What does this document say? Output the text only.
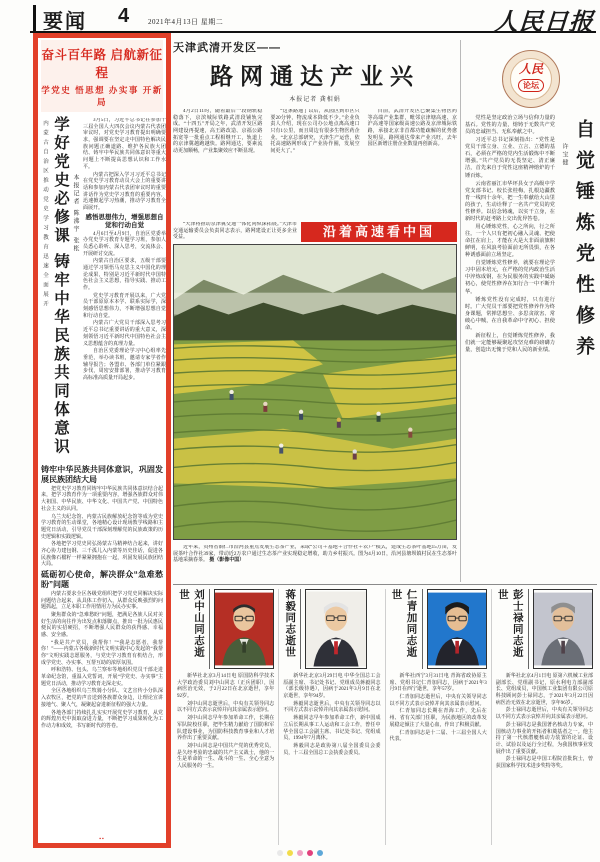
要闻 4	2021年4月13日 星期二	人民日报
奋斗百年路 启航新征程
学党史 悟思想 办实事 开新局
内蒙古自治区推动党史学习教育迅速全面展开 学好党史必修课 铸牢中华民族共同体意识 本报记者 陈沸宇 张枨

3月5日，习近平总书记在参加十三届全国人大四次会议内蒙古代表团审议时，对党史学习教育提出明确要求，强调要在坚定走中国特色解决民族问题正确道路、维护各民族大团结、铸牢中华民族共同体意识等重大问题上不断提高思想认识和工作水平。

内蒙古把深入学习习近平总书记在党史学习教育动员大会上的重要讲话和参加内蒙古代表团审议时的重要讲话作为党史学习教育的重要内容，迅速掀起学习热潮，推动学习教育全面展开。

感悟思想伟力，增强思想自觉和行动自觉

4月6日至4月9日，自治区党委举办党史学习教育专题学习班，参加人员悉心聆听、深入思考，交流体会、开展研讨交流。

内蒙古自治区要求，五级干部要通过学习领悟马克思主义中国化的理论成果，特别是习近平新时代中国特色社会主义思想，指导实践、推动工作。

党史学习教育开展以来，广大党员干部原原本本学、联系实际学，深刻感悟思想伟力，不断增强思想自觉和行动自觉。

内蒙古广大党员干部深入思考习近平总书记重要讲话的重大意义，深刻领悟习近平新时代中国特色社会主义思想蕴含的真理力量。

自治区党委理论学习中心组率先垂范，举办读书班，邀请专家学者作辅导报告；各盟市、各部门单位紧跟步伐，周密安排部署，推动学习教育高标准高质量开局起步。

铸牢中华民族共同体意识，巩固发展民族团结大局

把党史学习教育同铸牢中华民族共同体意识结合起来，把学习教育作为一项重要内容，增强各族群众对伟大祖国、中华民族、中华文化、中国共产党、中国特色社会主义的认同。

乌兰夫纪念馆、内蒙古民族解放纪念馆等成为党史学习教育的生动课堂，各地精心设计现场教学线路和主题党日活动，引导党员干部深刻理解党的民族政策的历史逻辑和实践逻辑。

各地把学习党史同弘扬蒙古马精神结合起来，讲好齐心协力建包钢、三千孤儿入内蒙等历史佳话，促进各民族像石榴籽一样紧紧拥抱在一起，巩固发展民族团结大局。

砥砺初心使命，解决群众“急难愁盼”问题

内蒙古要求全区各级党组织把学习党史同解决实际问题结合起来，从具体工作切入，从群众反映强烈的问题抓起，立足本职工作用情用力为民办实事。

聚焦群众的“急难愁盼”问题，把满足各族人民对美好生活的向往作为出发点和落脚点，推出一批为民惠民便民的实招硬招，不断增强人民群众的获得感、幸福感、安全感。

“我是共产党员，我帮你！”“我是志愿者，我帮你！”——内蒙古各级新时代文明实践中心发起的“我帮你”文明实践志愿服务，与党史学习教育有机结合，形成学党史、办实事、互帮互助的浓厚氛围。

呼和浩特、包头、乌兰察布等地组织党员干部走进革命纪念馆，重温入党誓词，开展“学党史、办实事”主题党日活动，推动学习教育走深走实。

全区各地组织乌兰牧骑小分队、文艺宣传小分队深入农牧区，把党的声音送到各族群众身边，让理论宣讲接地气、聚人气，凝聚起奋进新征程的强大力量。

各地各部门持续扎扎实实开展党史学习教育，从党的辉煌历史中汲取奋进力量，不断把学习成果转化为工作动力和成效，书写新时代的答卷。

▪▪
天津武清开发区——
路网通达产业兴
本报记者 龚相娟

4月2日11时，随着最后一段钢轨稳稳落下，京滨城际铁路武清段铺轨完成。“十四五”开局之年，武清开发区路网建设再提速，高王路改造、京福公路拓宽等一批重点工程相继开工，轨道上的京津冀越跑越快。路网通达，要素流动更加顺畅，产业集聚效应不断显现。

“这条路通了以后，从园区到市区只要20分钟，物流成本降低不少。”企业负责人介绍，现在公司办公地点离高速口只有1公里，而且周边有很多生物医药企业。“北京总部研究，天津生产运营，依托高速路网形成了产业协作圈，发展空间更大了。”

目前，武清开发区已聚集生物医药等高端产业集群，毗邻京津塘高速、京沪高速等国家级高速公路及京津城际铁路，承接北京非首都功能疏解的优势愈发明显。路网通达带来产业兴旺，去年园区新增注册企业数量再创新高。

“天津将推动京津冀交通一体化向纵深拓展。”天津市交通运输委员会负责同志表示，路网建设正让更多企业受益。	沿着高速看中国

近年来，贵州省铜仁市沿河县重点发展生态茶产业，采取“公司＋基地＋合作社＋农户”模式，建成生态茶叶基地15万亩，发展茶叶合作社39家，带动近2万农户通过生态茶产业实现稳定增收，助力乡村振兴。图为4月10日，沿河县塘坝镇村民在生态茶叶基地采摘春茶。 摄（影像中国）

人民
论坛
许宝健 自觉锤炼党性修养

党性是坚定政治立场与信仰力量的基石。党性的力量，熔铸于无数共产党员的忠诚担当、无私奉献之中。

习近平总书记深刻指出：“党性是党员干部立身、立业、立言、立德的基石，必须在严格的党内生活锻炼中不断增强。”共产党员的无畏坚定、清正廉洁，首先来自于党性这座精神熔炉的千锤百炼。

云南省丽江市华坪县女子高级中学党支部书记、校长张桂梅，扎根边疆教育一线四十余年，把一生奉献给大山里的孩子，生动诠释了一名共产党员的党性修养。以信念铸魂，以实干立身，在新时代的赶考路上交出优异答卷。

用心锤炼党性，心之所向，行之所往。一个人只有把初心融入灵魂、把使命扛在肩上，才能在大是大非面前旗帜鲜明，在风浪考验面前无所畏惧，在各种诱惑面前立场坚定。

自觉锤炼党性修养，就要在理论学习中固本培元，在严格的党内政治生活中淬炼成钢，在为民服务的实践中砥砺初心，使党性修养在知行合一中不断升华。

锤炼党性没有完成时，只有进行时。广大党员干部要把党性修养作为终身课题，常掸思想尘、多思贪欲害、常破心中贼，在自我革命中守初心、担使命。

新征程上，自觉锤炼党性修养，我们就一定能够凝聚起攻坚克难的磅礴力量，创造出无愧于党和人民的新业绩。

刘中山同志逝世

新华社北京3月14日电 原国防科学技术大学政治委员刘中山同志（正兵团职），因病医治无效，于2月22日在北京逝世，享年92岁。

刘中山同志逝世后，中央有关领导同志以不同方式表示哀悼并向其亲属表示慰问。

刘中山同志早年参加革命工作，长期在军队院校任职，把毕生精力献给了国防和军队建设事业，为国防科技教育事业和人才培养作出了重要贡献。

刘中山同志是中国共产党的优秀党员，是久经考验的忠诚的共产主义战士，他的一生是革命的一生、战斗的一生、全心全意为人民服务的一生。

蒋毅同志逝世

新华社北京3月29日电 中华全国总工会原副主席、书记处书记、党组成员蒋毅同志（部长级待遇），因病于2021年3月9日在北京逝世，享年94岁。

蒋毅同志逝世后，中央有关领导同志以不同方式表示哀悼并向其亲属表示慰问。

蒋毅同志早年参加革命工作，新中国成立后长期从事工人运动和工会工作，曾任中华全国总工会副主席、书记处书记、党组成员，1994年7月离休。

蒋毅同志是政协第八届全国委员会委员，十三届全国总工会执委会委员。

仁青加同志逝世

新华社西宁3月31日电 青海省政协原主席、党组书记仁青加同志，因病于2021年3月9日在西宁逝世，享年57岁。

仁青加同志逝世后，中央有关领导同志以不同方式表示哀悼并向其亲属表示慰问。

仁青加同志长期在青海工作，先后在州、省有关部门任职，为民族地区的改革发展稳定倾注了大量心血，作出了积极贡献。

仁青加同志是十二届、十三届全国人大代表。

彭士禄同志逝世

新华社北京4月1日电 原第六机械工业部副部长、党组副书记，原水利电力部副部长、党组成员，中国核工业集团有限公司原科技顾问彭士禄同志，于2021年3月22日因病医治无效在北京逝世，享年96岁。

彭士禄同志逝世后，中央有关领导同志以不同方式表示哀悼并向其亲属表示慰问。

彭士禄同志是我国著名核动力专家，中国核动力事业的开拓者和奠基者之一。他主持了第一代核潜艇核动力装置的论证、设计、试验以及运行全过程，为我国核事业发展作出了重要贡献。

彭士禄同志是中国工程院首批院士，曾获国家科学技术进步奖特等奖。
